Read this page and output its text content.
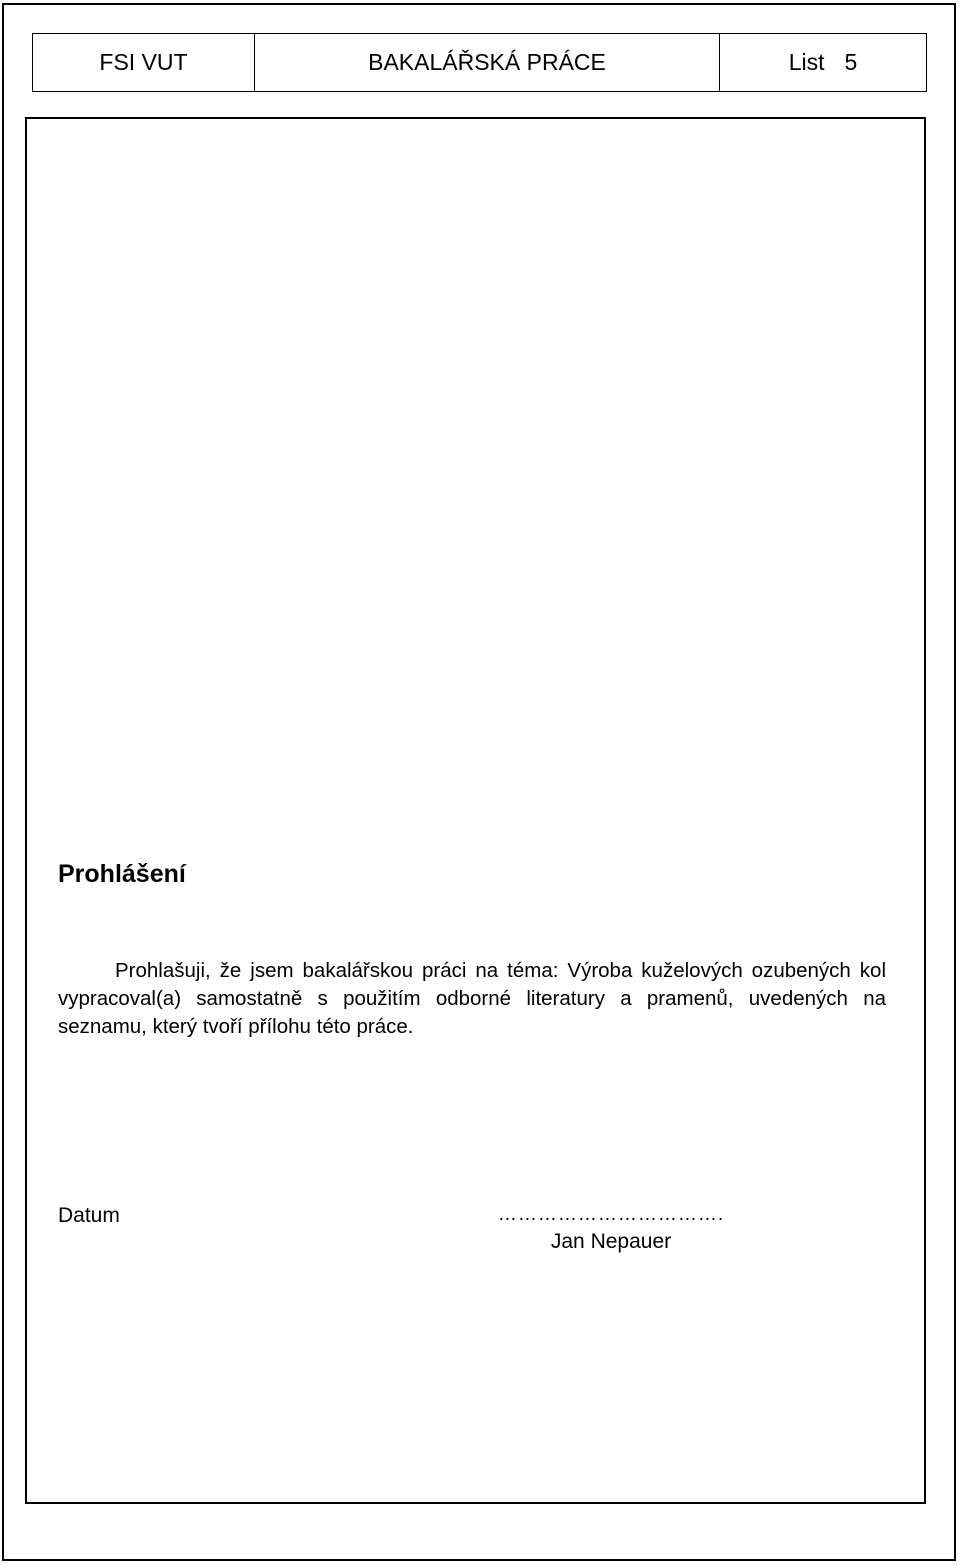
FSI VUT	BAKALÁŘSKÁ PRÁCE	List 5
Prohlášení

Prohlašuji, že jsem bakalářskou práci na téma: Výroba kuželových ozubených kol vypracoval(a) samostatně s použitím odborné literatury a pramenů, uvedených na seznamu, který tvoří přílohu této práce.

Datum	…………………………….
Jan Nepauer
